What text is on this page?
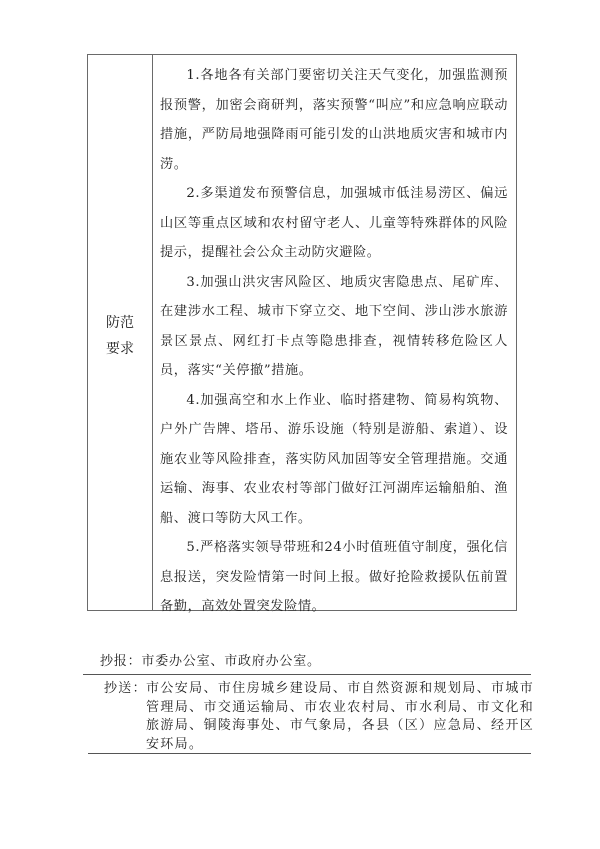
防范
要求

1.各地各有关部门要密切关注天气变化，加强监测预报预警，加密会商研判，落实预警“叫应”和应急响应联动措施，严防局地强降雨可能引发的山洪地质灾害和城市内涝。

2.多渠道发布预警信息，加强城市低洼易涝区、偏远山区等重点区域和农村留守老人、儿童等特殊群体的风险提示，提醒社会公众主动防灾避险。

3.加强山洪灾害风险区、地质灾害隐患点、尾矿库、在建涉水工程、城市下穿立交、地下空间、涉山涉水旅游景区景点、网红打卡点等隐患排查，视情转移危险区人员，落实“关停撤”措施。

4.加强高空和水上作业、临时搭建物、简易构筑物、户外广告牌、塔吊、游乐设施（特别是游船、索道）、设施农业等风险排查，落实防风加固等安全管理措施。交通运输、海事、农业农村等部门做好江河湖库运输船舶、渔船、渡口等防大风工作。

5.严格落实领导带班和24小时值班值守制度，强化信息报送，突发险情第一时间上报。做好抢险救援队伍前置备勤，高效处置突发险情。

抄报：市委办公室、市政府办公室。
抄送： 市公安局、市住房城乡建设局、市自然资源和规划局、市城市管理局、市交通运输局、市农业农村局、市水利局、市文化和旅游局、铜陵海事处、市气象局，各县（区）应急局、经开区安环局。
